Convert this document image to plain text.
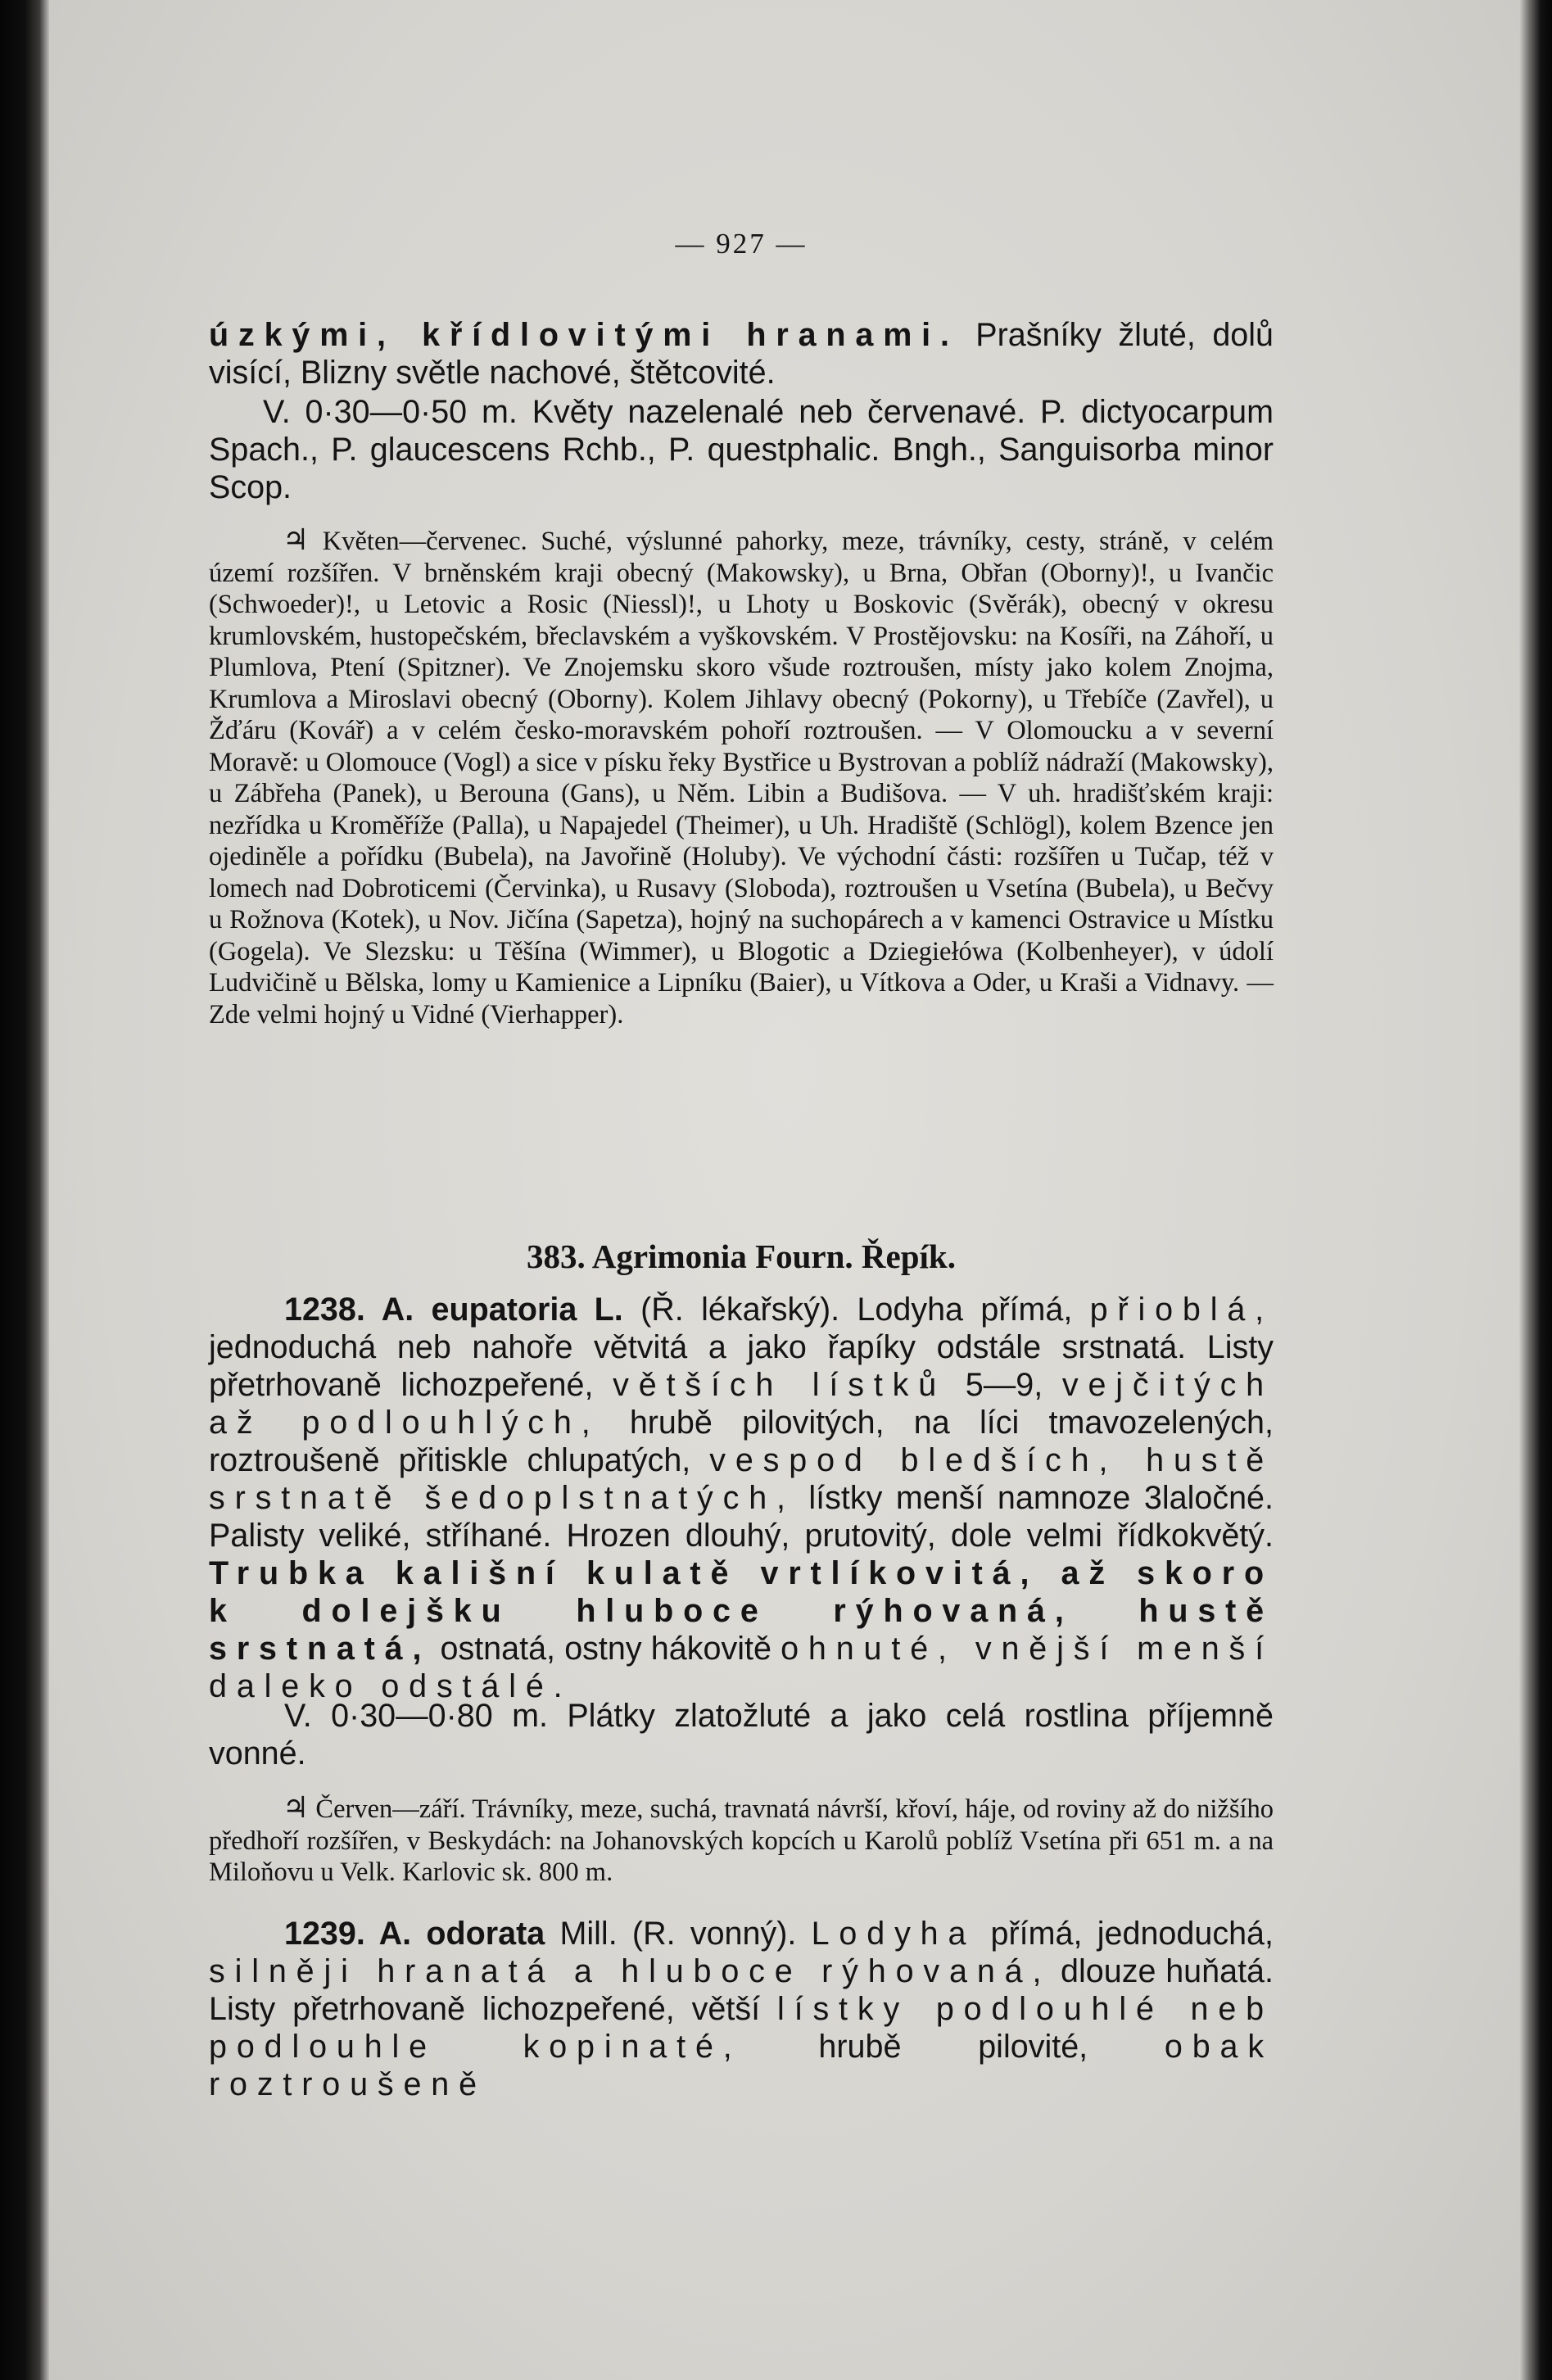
— 927 —

úzkými, křídlovitými hranami. Prašníky žluté, dolů visící, Blizny světle nachové, štětcovité.

V. 0·30—0·50 m. Květy nazelenalé neb červenavé. P. dictyocarpum Spach., P. glaucescens Rchb., P. questphalic. Bngh., Sanguisorba minor Scop.

♃ Květen—červenec. Suché, výslunné pahorky, meze, trávníky, cesty, stráně, v celém území rozšířen. V brněnském kraji obecný (Makowsky), u Brna, Obřan (Oborny)!, u Ivančic (Schwoeder)!, u Letovic a Rosic (Niessl)!, u Lhoty u Boskovic (Svěrák), obecný v okresu krumlovském, hustopečském, břeclavském a vyškovském. V Prostějovsku: na Kosíři, na Záhoří, u Plumlova, Ptení (Spitzner). Ve Znojemsku skoro všude roztroušen, místy jako kolem Znojma, Krumlova a Miroslavi obecný (Oborny). Kolem Jihlavy obecný (Pokorny), u Třebíče (Zavřel), u Žďáru (Kovář) a v celém česko-moravském pohoří roztroušen. — V Olomoucku a v severní Moravě: u Olomouce (Vogl) a sice v písku řeky Bystřice u Bystrovan a poblíž nádraží (Makowsky), u Zábřeha (Panek), u Berouna (Gans), u Něm. Libin a Budišova. — V uh. hradišťském kraji: nezřídka u Kroměříže (Palla), u Napajedel (Theimer), u Uh. Hradiště (Schlögl), kolem Bzence jen ojediněle a pořídku (Bubela), na Javořině (Holuby). Ve východní části: rozšířen u Tučap, též v lomech nad Dobroticemi (Červinka), u Rusavy (Sloboda), roztroušen u Vsetína (Bubela), u Bečvy u Rožnova (Kotek), u Nov. Jičína (Sapetza), hojný na suchopárech a v kamenci Ostravice u Místku (Gogela). Ve Slezsku: u Těšína (Wimmer), u Blogotic a Dziegiełówa (Kolbenheyer), v údolí Ludvičině u Bělska, lomy u Kamienice a Lipníku (Baier), u Vítkova a Oder, u Kraši a Vidnavy. — Zde velmi hojný u Vidné (Vierhapper).

383. Agrimonia Fourn. Řepík.

1238. A. eupatoria L. (Ř. lékařský). Lodyha přímá, přioblá, jednoduchá neb nahoře větvitá a jako řapíky odstále srstnatá. Listy přetrhovaně lichozpeřené, větších lístků 5—9, vejčitých až podlouhlých, hrubě pilovitých, na líci tmavozelených, roztroušeně přitiskle chlupatých, vespod bledších, hustě srstnatě šedoplstnatých, lístky menší namnoze 3laločné. Palisty veliké, stříhané. Hrozen dlouhý, prutovitý, dole velmi řídkokvětý. Trubka kališní kulatě vrtlíkovitá, až skoro k dolejšku hluboce rýhovaná, hustě srstnatá, ostnatá, ostny hákovitě ohnuté, vnější menší daleko odstálé.

V. 0·30—0·80 m. Plátky zlatožluté a jako celá rostlina příjemně vonné.

♃ Červen—září. Trávníky, meze, suchá, travnatá návrší, křoví, háje, od roviny až do nižšího předhoří rozšířen, v Beskydách: na Johanovských kopcích u Karolů poblíž Vsetína při 651 m. a na Miloňovu u Velk. Karlovic sk. 800 m.

1239. A. odorata Mill. (R. vonný). Lodyha přímá, jednoduchá, silněji hranatá a hluboce rýhovaná, dlouze huňatá. Listy přetrhovaně lichozpeřené, větší lístky podlouhlé neb podlouhle kopinaté, hrubě pilovité, obak roztroušeně
